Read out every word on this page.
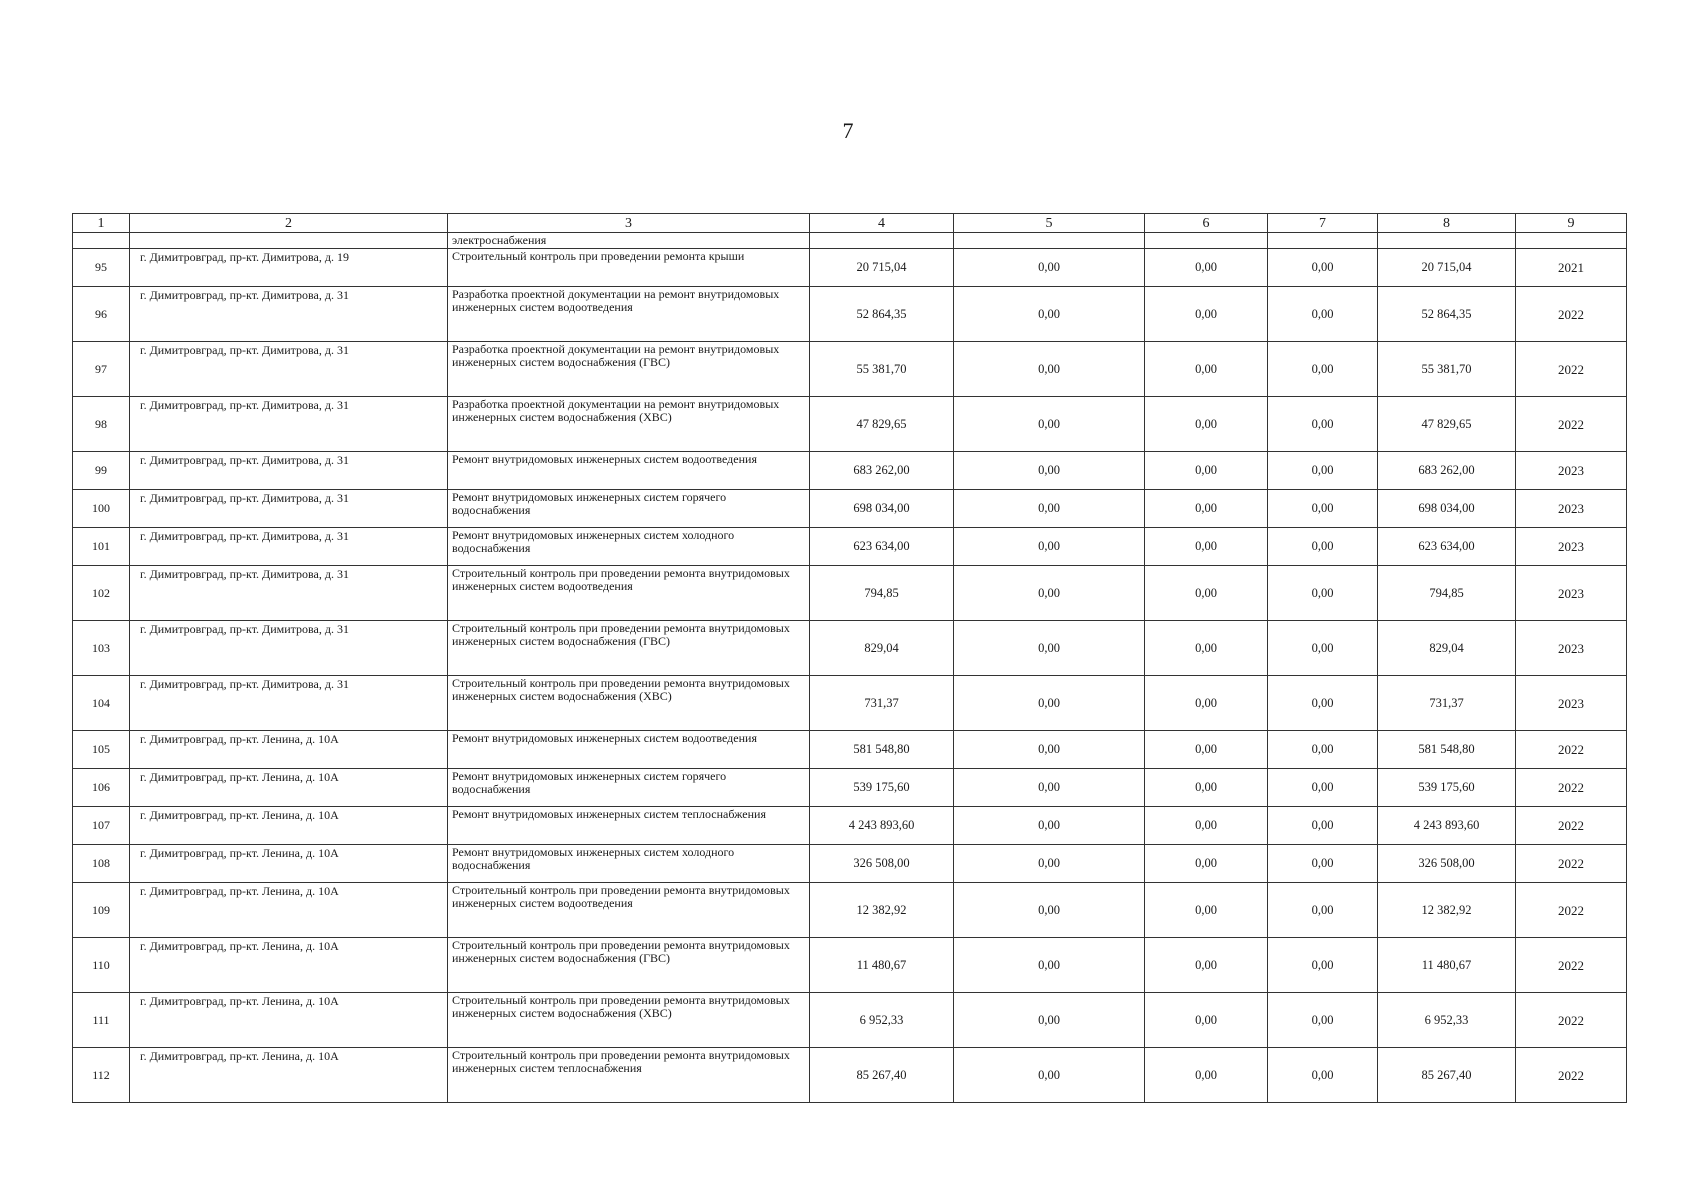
7
1	2	3	4	5	6	7	8	9
		электроснабжения						
95	г. Димитровград, пр-кт. Димитрова, д. 19	Строительный контроль при проведении ремонта крыши	20 715,04	0,00	0,00	0,00	20 715,04	2021
96	г. Димитровград, пр-кт. Димитрова, д. 31	Разработка проектной документации на ремонт внутридомовых инженерных систем водоотведения	52 864,35	0,00	0,00	0,00	52 864,35	2022
97	г. Димитровград, пр-кт. Димитрова, д. 31	Разработка проектной документации на ремонт внутридомовых инженерных систем водоснабжения (ГВС)	55 381,70	0,00	0,00	0,00	55 381,70	2022
98	г. Димитровград, пр-кт. Димитрова, д. 31	Разработка проектной документации на ремонт внутридомовых инженерных систем водоснабжения (ХВС)	47 829,65	0,00	0,00	0,00	47 829,65	2022
99	г. Димитровград, пр-кт. Димитрова, д. 31	Ремонт внутридомовых инженерных систем водоотведения	683 262,00	0,00	0,00	0,00	683 262,00	2023
100	г. Димитровград, пр-кт. Димитрова, д. 31	Ремонт внутридомовых инженерных систем горячего водоснабжения	698 034,00	0,00	0,00	0,00	698 034,00	2023
101	г. Димитровград, пр-кт. Димитрова, д. 31	Ремонт внутридомовых инженерных систем холодного водоснабжения	623 634,00	0,00	0,00	0,00	623 634,00	2023
102	г. Димитровград, пр-кт. Димитрова, д. 31	Строительный контроль при проведении ремонта внутридомовых инженерных систем водоотведения	794,85	0,00	0,00	0,00	794,85	2023
103	г. Димитровград, пр-кт. Димитрова, д. 31	Строительный контроль при проведении ремонта внутридомовых инженерных систем водоснабжения (ГВС)	829,04	0,00	0,00	0,00	829,04	2023
104	г. Димитровград, пр-кт. Димитрова, д. 31	Строительный контроль при проведении ремонта внутридомовых инженерных систем водоснабжения (ХВС)	731,37	0,00	0,00	0,00	731,37	2023
105	г. Димитровград, пр-кт. Ленина, д. 10А	Ремонт внутридомовых инженерных систем водоотведения	581 548,80	0,00	0,00	0,00	581 548,80	2022
106	г. Димитровград, пр-кт. Ленина, д. 10А	Ремонт внутридомовых инженерных систем горячего водоснабжения	539 175,60	0,00	0,00	0,00	539 175,60	2022
107	г. Димитровград, пр-кт. Ленина, д. 10А	Ремонт внутридомовых инженерных систем теплоснабжения	4 243 893,60	0,00	0,00	0,00	4 243 893,60	2022
108	г. Димитровград, пр-кт. Ленина, д. 10А	Ремонт внутридомовых инженерных систем холодного водоснабжения	326 508,00	0,00	0,00	0,00	326 508,00	2022
109	г. Димитровград, пр-кт. Ленина, д. 10А	Строительный контроль при проведении ремонта внутридомовых инженерных систем водоотведения	12 382,92	0,00	0,00	0,00	12 382,92	2022
110	г. Димитровград, пр-кт. Ленина, д. 10А	Строительный контроль при проведении ремонта внутридомовых инженерных систем водоснабжения (ГВС)	11 480,67	0,00	0,00	0,00	11 480,67	2022
111	г. Димитровград, пр-кт. Ленина, д. 10А	Строительный контроль при проведении ремонта внутридомовых инженерных систем водоснабжения (ХВС)	6 952,33	0,00	0,00	0,00	6 952,33	2022
112	г. Димитровград, пр-кт. Ленина, д. 10А	Строительный контроль при проведении ремонта внутридомовых инженерных систем теплоснабжения	85 267,40	0,00	0,00	0,00	85 267,40	2022
